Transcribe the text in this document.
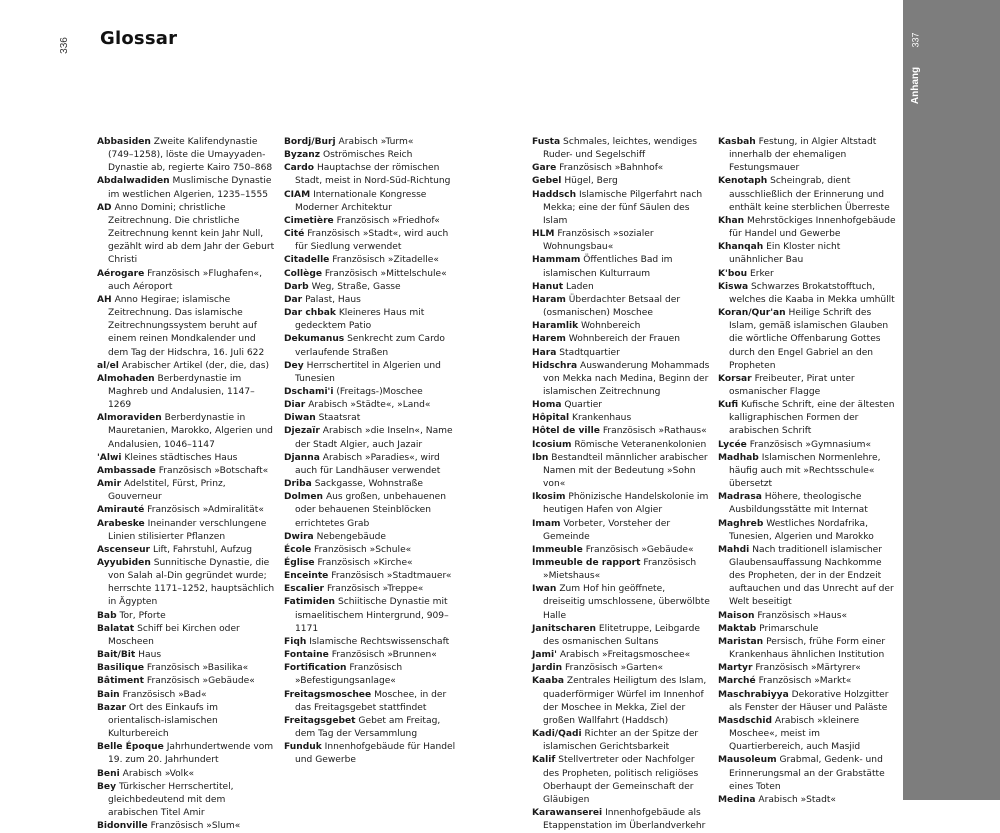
336 Glossar	337
Anhang

Abbasiden Zweite Kalifendynastie (749–1258), löste die Umayyaden-Dynastie ab, regierte Kairo 750–868

Abdalwadiden Muslimische Dynastie im westlichen Algerien, 1235–1555

AD Anno Domini; christliche Zeitrechnung. Die christliche Zeitrechnung kennt kein Jahr Null, gezählt wird ab dem Jahr der Geburt Christi

Aérogare Französisch »Flughafen«, auch Aéroport

AH Anno Hegirae; islamische Zeitrechnung. Das islamische Zeitrechnungssystem beruht auf einem reinen Mondkalender und dem Tag der Hidschra, 16. Juli 622

al/el Arabischer Artikel (der, die, das)

Almohaden Berberdynastie im Maghreb und Andalusien, 1147–1269

Almoraviden Berberdynastie in Mauretanien, Marokko, Algerien und Andalusien, 1046–1147

'Alwi Kleines städtisches Haus

Ambassade Französisch »Botschaft«

Amir Adelstitel, Fürst, Prinz, Gouverneur

Amirauté Französisch »Admiralität«

Arabeske Ineinander verschlungene Linien stilisierter Pflanzen

Ascenseur Lift, Fahrstuhl, Aufzug

Ayyubiden Sunnitische Dynastie, die von Salah al-Din gegründet wurde; herrschte 1171–1252, hauptsächlich in Ägypten

Bab Tor, Pforte

Balatat Schiff bei Kirchen oder Moscheen

Bait/Bit Haus

Basilique Französisch »Basilika«

Bâtiment Französisch »Gebäude«

Bain Französisch »Bad«

Bazar Ort des Einkaufs im orientalisch-islamischen Kulturbereich

Belle Époque Jahrhundertwende vom 19. zum 20. Jahrhundert

Beni Arabisch »Volk«

Bey Türkischer Herrschertitel, gleichbedeutend mit dem arabischen Titel Amir

Bidonville Französisch »Slum«

Bordj/Burj Arabisch »Turm«

Byzanz Oströmisches Reich

Cardo Hauptachse der römischen Stadt, meist in Nord-Süd-Richtung

CIAM Internationale Kongresse Moderner Architektur

Cimetière Französisch »Friedhof«

Cité Französisch »Stadt«, wird auch für Siedlung verwendet

Citadelle Französisch »Zitadelle«

Collège Französisch »Mittelschule«

Darb Weg, Straße, Gasse

Dar Palast, Haus

Dar chbak Kleineres Haus mit gedecktem Patio

Dekumanus Senkrecht zum Cardo verlaufende Straßen

Dey Herrschertitel in Algerien und Tunesien

Dschami'i (Freitags-)Moschee

Diar Arabisch »Städte«, »Land«

Diwan Staatsrat

Djezaïr Arabisch »die Inseln«, Name der Stadt Algier, auch Jazair

Djanna Arabisch »Paradies«, wird auch für Landhäuser verwendet

Driba Sackgasse, Wohnstraße

Dolmen Aus großen, unbehauenen oder behauenen Steinblöcken errichtetes Grab

Dwira Nebengebäude

École Französisch »Schule«

Église Französisch »Kirche«

Enceinte Französisch »Stadtmauer«

Escalier Französisch »Treppe«

Fatimiden Schiitische Dynastie mit ismaelitischem Hintergrund, 909–1171

Fiqh Islamische Rechtswissenschaft

Fontaine Französisch »Brunnen«

Fortification Französisch »Befestigungsanlage«

Freitagsmoschee Moschee, in der das Freitagsgebet stattfindet

Freitagsgebet Gebet am Freitag, dem Tag der Versammlung

Funduk Innenhofgebäude für Handel und Gewerbe

Fusta Schmales, leichtes, wendiges Ruder- und Segelschiff

Gare Französisch »Bahnhof«

Gebel Hügel, Berg

Haddsch Islamische Pilgerfahrt nach Mekka; eine der fünf Säulen des Islam

HLM Französisch »sozialer Wohnungsbau«

Hammam Öffentliches Bad im islamischen Kulturraum

Hanut Laden

Haram Überdachter Betsaal der (osmanischen) Moschee

Haramlik Wohnbereich

Harem Wohnbereich der Frauen

Hara Stadtquartier

Hidschra Auswanderung Mohammads von Mekka nach Medina, Beginn der islamischen Zeitrechnung

Homa Quartier

Hôpital Krankenhaus

Hôtel de ville Französisch »Rathaus«

Icosium Römische Veteranenkolonien

Ibn Bestandteil männlicher arabischer Namen mit der Bedeutung »Sohn von«

Ikosim Phönizische Handelskolonie im heutigen Hafen von Algier

Imam Vorbeter, Vorsteher der Gemeinde

Immeuble Französisch »Gebäude«

Immeuble de rapport Französisch »Mietshaus«

Iwan Zum Hof hin geöffnete, dreiseitig umschlossene, überwölbte Halle

Janitscharen Elitetruppe, Leibgarde des osmanischen Sultans

Jami' Arabisch »Freitagsmoschee«

Jardin Französisch »Garten«

Kaaba Zentrales Heiligtum des Islam, quaderförmiger Würfel im Innenhof der Moschee in Mekka, Ziel der großen Wallfahrt (Haddsch)

Kadi/Qadi Richter an der Spitze der islamischen Gerichtsbarkeit

Kalif Stellvertreter oder Nachfolger des Propheten, politisch religiöses Oberhaupt der Gemeinschaft der Gläubigen

Karawanserei Innenhofgebäude als Etappenstation im Überlandverkehr

Kasbah Festung, in Algier Altstadt innerhalb der ehemaligen Festungsmauer

Kenotaph Scheingrab, dient ausschließlich der Erinnerung und enthält keine sterblichen Überreste

Khan Mehrstöckiges Innenhofgebäude für Handel und Gewerbe

Khanqah Ein Kloster nicht unähnlicher Bau

K'bou Erker

Kiswa Schwarzes Brokatstofftuch, welches die Kaaba in Mekka umhüllt

Koran/Qur'an Heilige Schrift des Islam, gemäß islamischen Glauben die wörtliche Offenbarung Gottes durch den Engel Gabriel an den Propheten

Korsar Freibeuter, Pirat unter osmanischer Flagge

Kufi Kufische Schrift, eine der ältesten kalligraphischen Formen der arabischen Schrift

Lycée Französisch »Gymnasium«

Madhab Islamischen Normenlehre, häufig auch mit »Rechtsschule« übersetzt

Madrasa Höhere, theologische Ausbildungsstätte mit Internat

Maghreb Westliches Nordafrika, Tunesien, Algerien und Marokko

Mahdi Nach traditionell islamischer Glaubensauffassung Nachkomme des Propheten, der in der Endzeit auftauchen und das Unrecht auf der Welt beseitigt

Maison Französisch »Haus«

Maktab Primarschule

Maristan Persisch, frühe Form einer Krankenhaus ähnlichen Institution

Martyr Französisch »Märtyrer«

Marché Französisch »Markt«

Maschrabiyya Dekorative Holzgitter als Fenster der Häuser und Paläste

Masdschid Arabisch »kleinere Moschee«, meist im Quartierbereich, auch Masjid

Mausoleum Grabmal, Gedenk- und Erinnerungsmal an der Grabstätte eines Toten

Medina Arabisch »Stadt«
